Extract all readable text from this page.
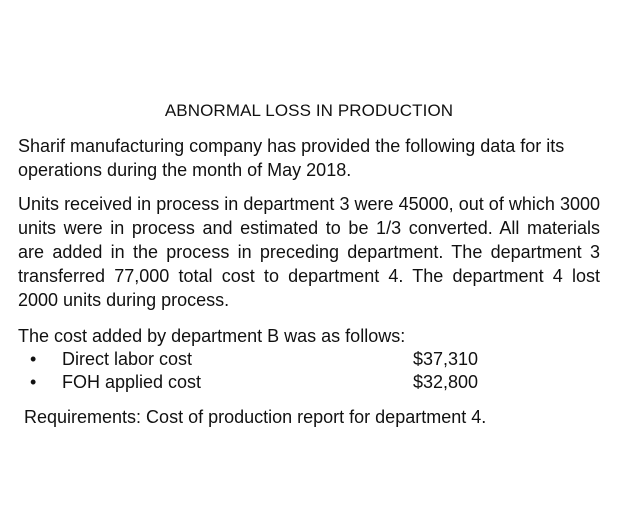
ABNORMAL LOSS IN PRODUCTION

Sharif manufacturing company has provided the following data for its operations during the month of May 2018.

Units received in process in department 3 were 45000, out of which 3000 units were in process and estimated to be 1/3 converted. All materials are added in the process in preceding department. The department 3 transferred 77,000 total cost to department 4. The department 4 lost 2000 units during process.

The cost added by department B was as follows:

• Direct labor cost	$37,310
• FOH applied cost	$32,800

Requirements: Cost of production report for department 4.
